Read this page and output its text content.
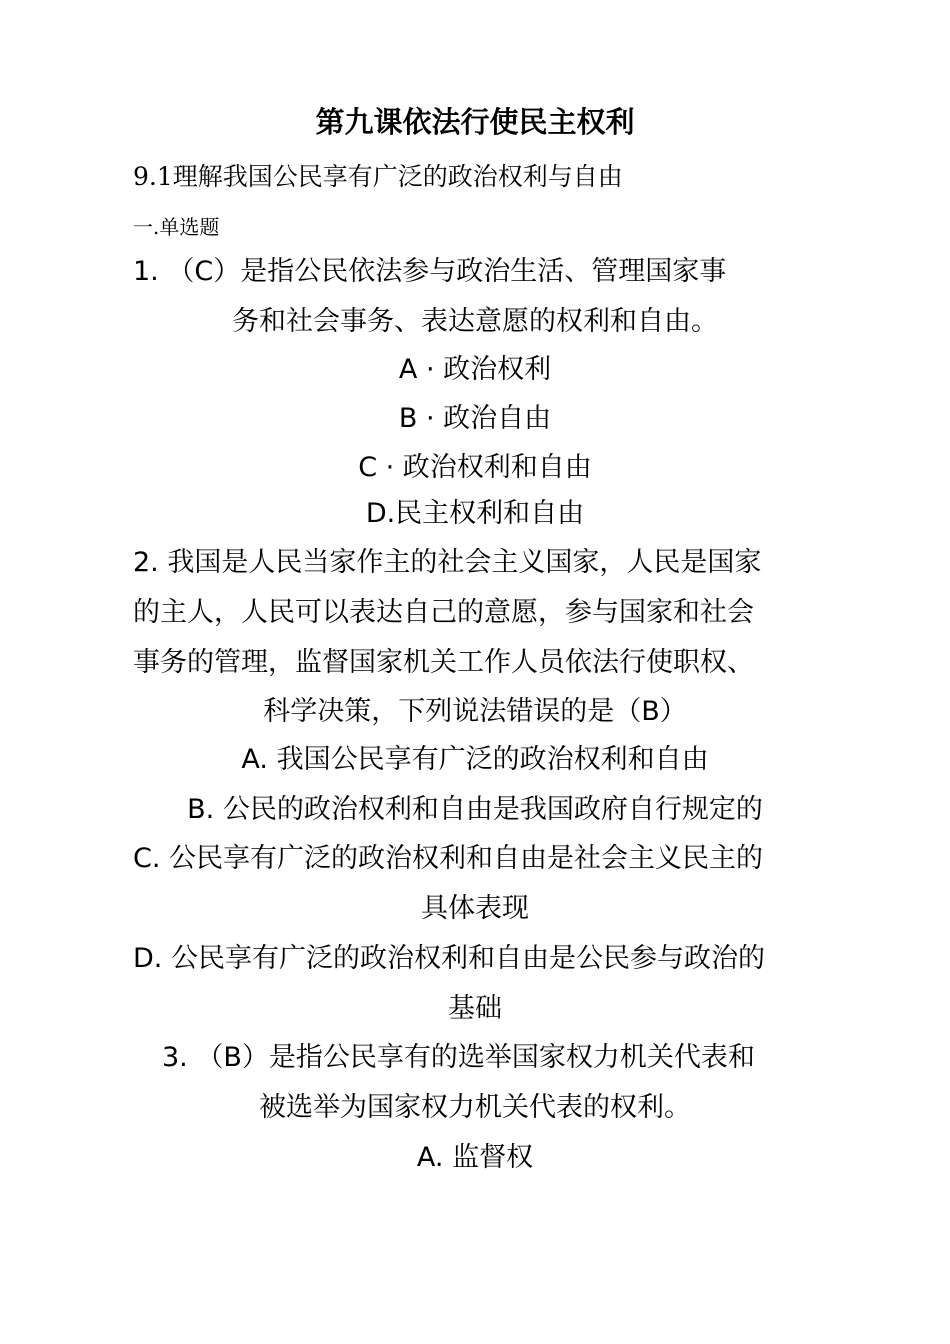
第九课依法行使民主权利
9.1理解我国公民享有广泛的政治权利与自由
一.单选题
1. （C）是指公民依法参与政治生活、管理国家事
务和社会事务、表达意愿的权利和自由。
A · 政治权利
B · 政治自由
C · 政治权利和自由
D.民主权利和自由
2. 我国是人民当家作主的社会主义国家，人民是国家
的主人，人民可以表达自己的意愿，参与国家和社会
事务的管理，监督国家机关工作人员依法行使职权、
科学决策，下列说法错误的是（B）
A. 我国公民享有广泛的政治权利和自由
B. 公民的政治权利和自由是我国政府自行规定的
C. 公民享有广泛的政治权利和自由是社会主义民主的
具体表现
D. 公民享有广泛的政治权利和自由是公民参与政治的
基础
3. （B）是指公民享有的选举国家权力机关代表和
被选举为国家权力机关代表的权利。
A. 监督权
